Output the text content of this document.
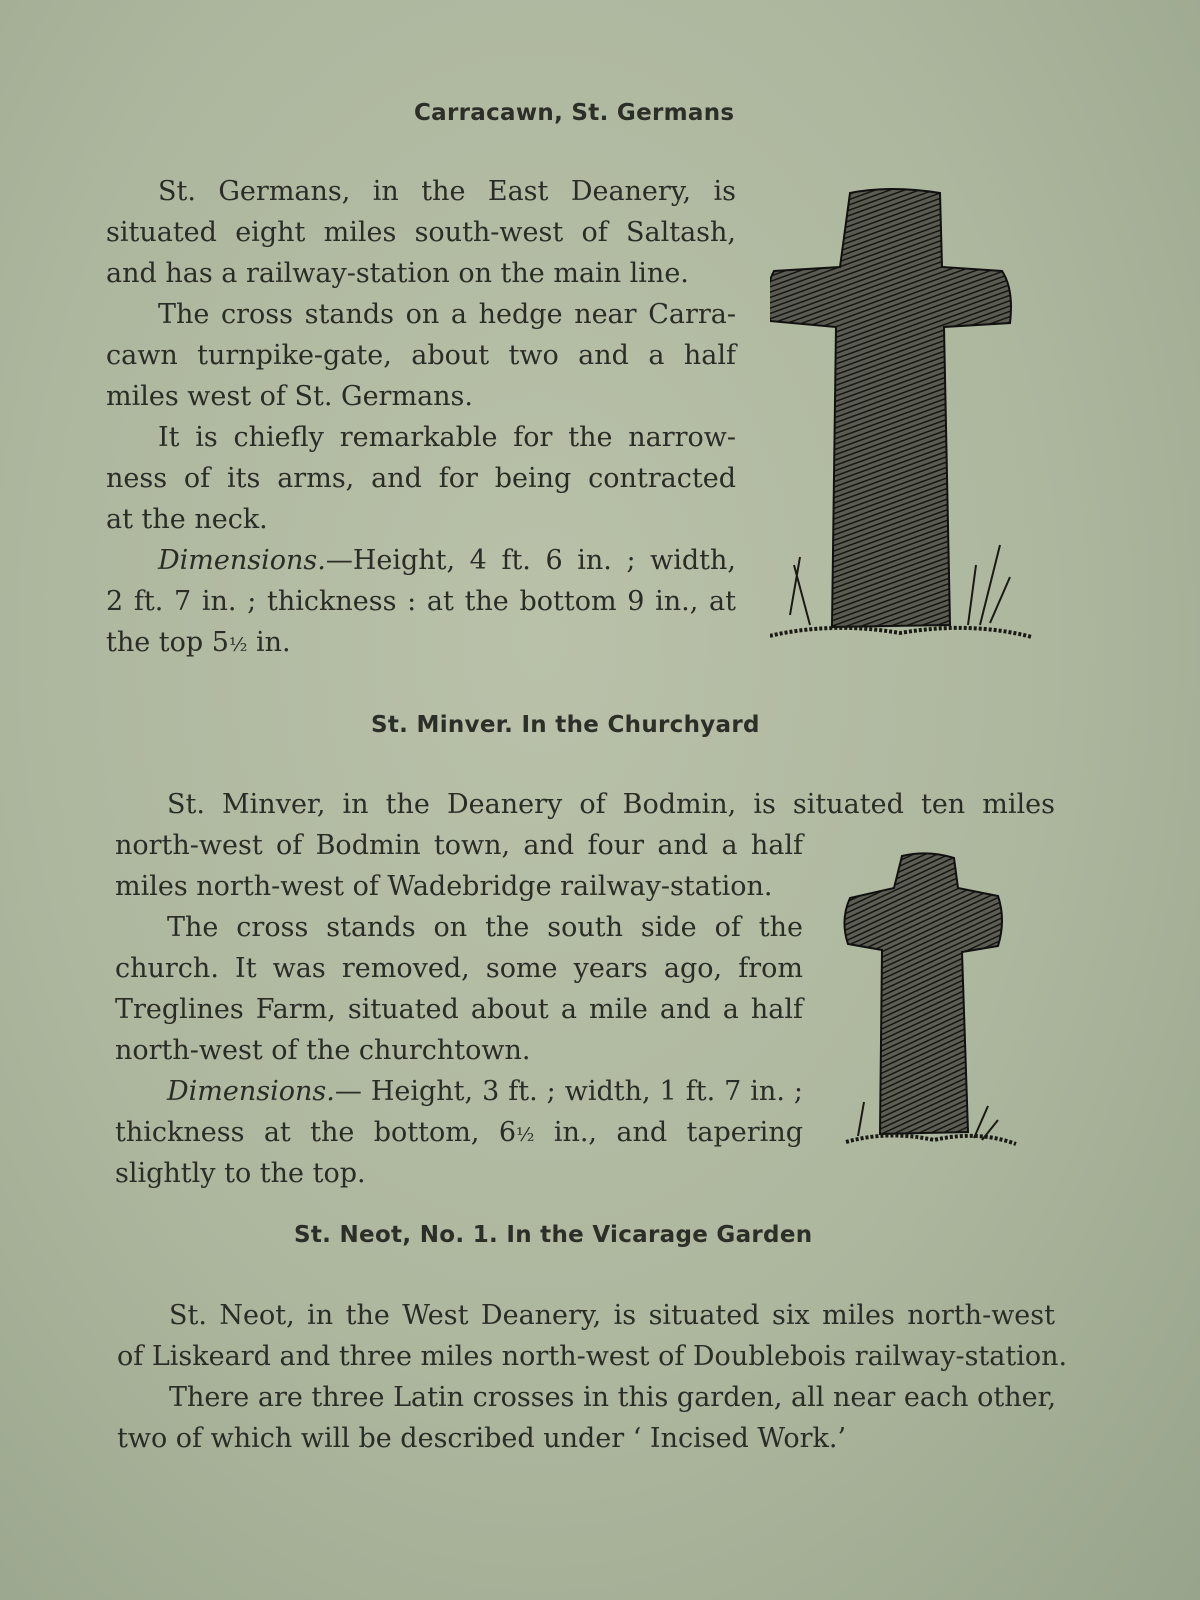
Carracawn, St. Germans
St. Germans, in the East Deanery, is
situated eight miles south-west of Saltash,
and has a railway-station on the main line.
The cross stands on a hedge near Carra-
cawn turnpike-gate, about two and a half
miles west of St. Germans.
It is chiefly remarkable for the narrow-
ness of its arms, and for being contracted
at the neck.
Dimensions.—Height, 4 ft. 6 in. ; width,
2 ft. 7 in. ; thickness : at the bottom 9 in., at
the top 5½ in.
St. Minver. In the Churchyard
St. Minver, in the Deanery of Bodmin, is situated ten miles
north-west of Bodmin town, and four and a half
miles north-west of Wadebridge railway-station.
The cross stands on the south side of the
church. It was removed, some years ago, from
Treglines Farm, situated about a mile and a half
north-west of the churchtown.
Dimensions.— Height, 3 ft. ; width, 1 ft. 7 in. ;
thickness at the bottom, 6½ in., and tapering
slightly to the top.
St. Neot, No. 1. In the Vicarage Garden
St. Neot, in the West Deanery, is situated six miles north-west
of Liskeard and three miles north-west of Doublebois railway-station.
There are three Latin crosses in this garden, all near each other,
two of which will be described under ‘ Incised Work.’
